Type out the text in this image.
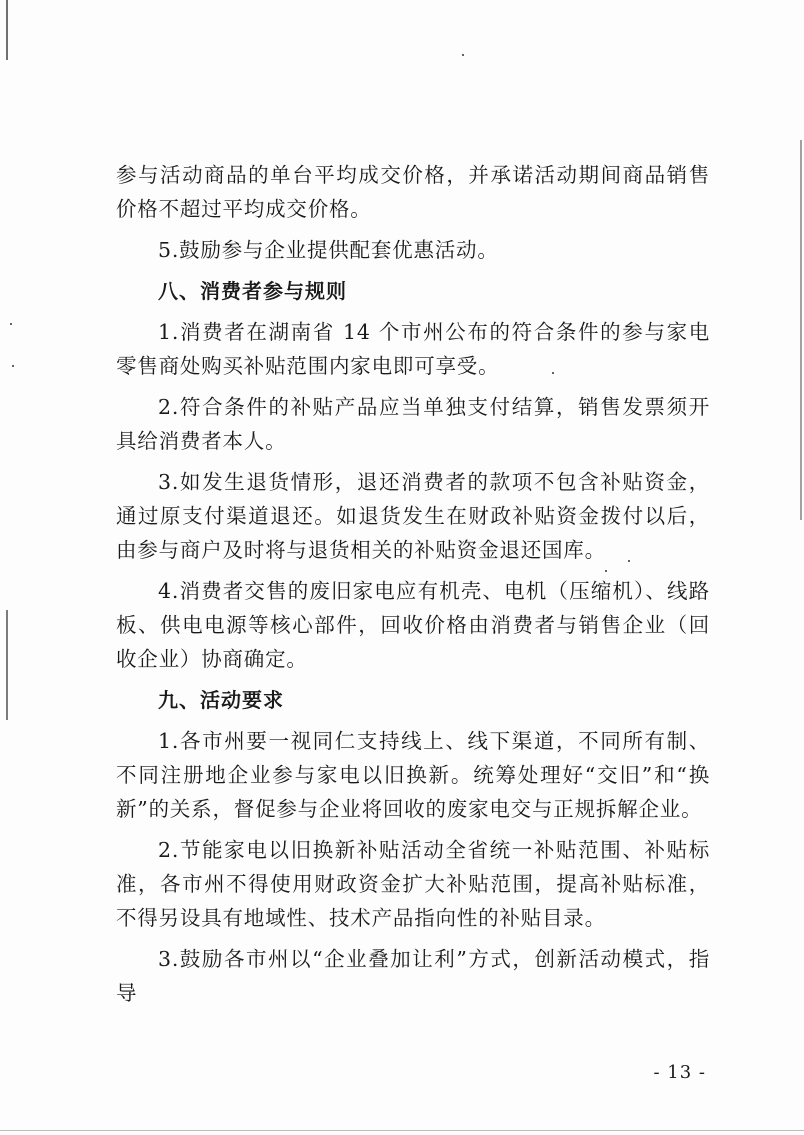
参与活动商品的单台平均成交价格，并承诺活动期间商品销售价格不超过平均成交价格。

5.鼓励参与企业提供配套优惠活动。

八、消费者参与规则

1.消费者在湖南省 14 个市州公布的符合条件的参与家电零售商处购买补贴范围内家电即可享受。

2.符合条件的补贴产品应当单独支付结算，销售发票须开具给消费者本人。

3.如发生退货情形，退还消费者的款项不包含补贴资金，通过原支付渠道退还。如退货发生在财政补贴资金拨付以后，由参与商户及时将与退货相关的补贴资金退还国库。

4.消费者交售的废旧家电应有机壳、电机（压缩机）、线路板、供电电源等核心部件，回收价格由消费者与销售企业（回收企业）协商确定。

九、活动要求

1.各市州要一视同仁支持线上、线下渠道，不同所有制、不同注册地企业参与家电以旧换新。统筹处理好“交旧”和“换新”的关系，督促参与企业将回收的废家电交与正规拆解企业。

2.节能家电以旧换新补贴活动全省统一补贴范围、补贴标准，各市州不得使用财政资金扩大补贴范围，提高补贴标准，不得另设具有地域性、技术产品指向性的补贴目录。

3.鼓励各市州以“企业叠加让利”方式，创新活动模式，指导

- 13 -
